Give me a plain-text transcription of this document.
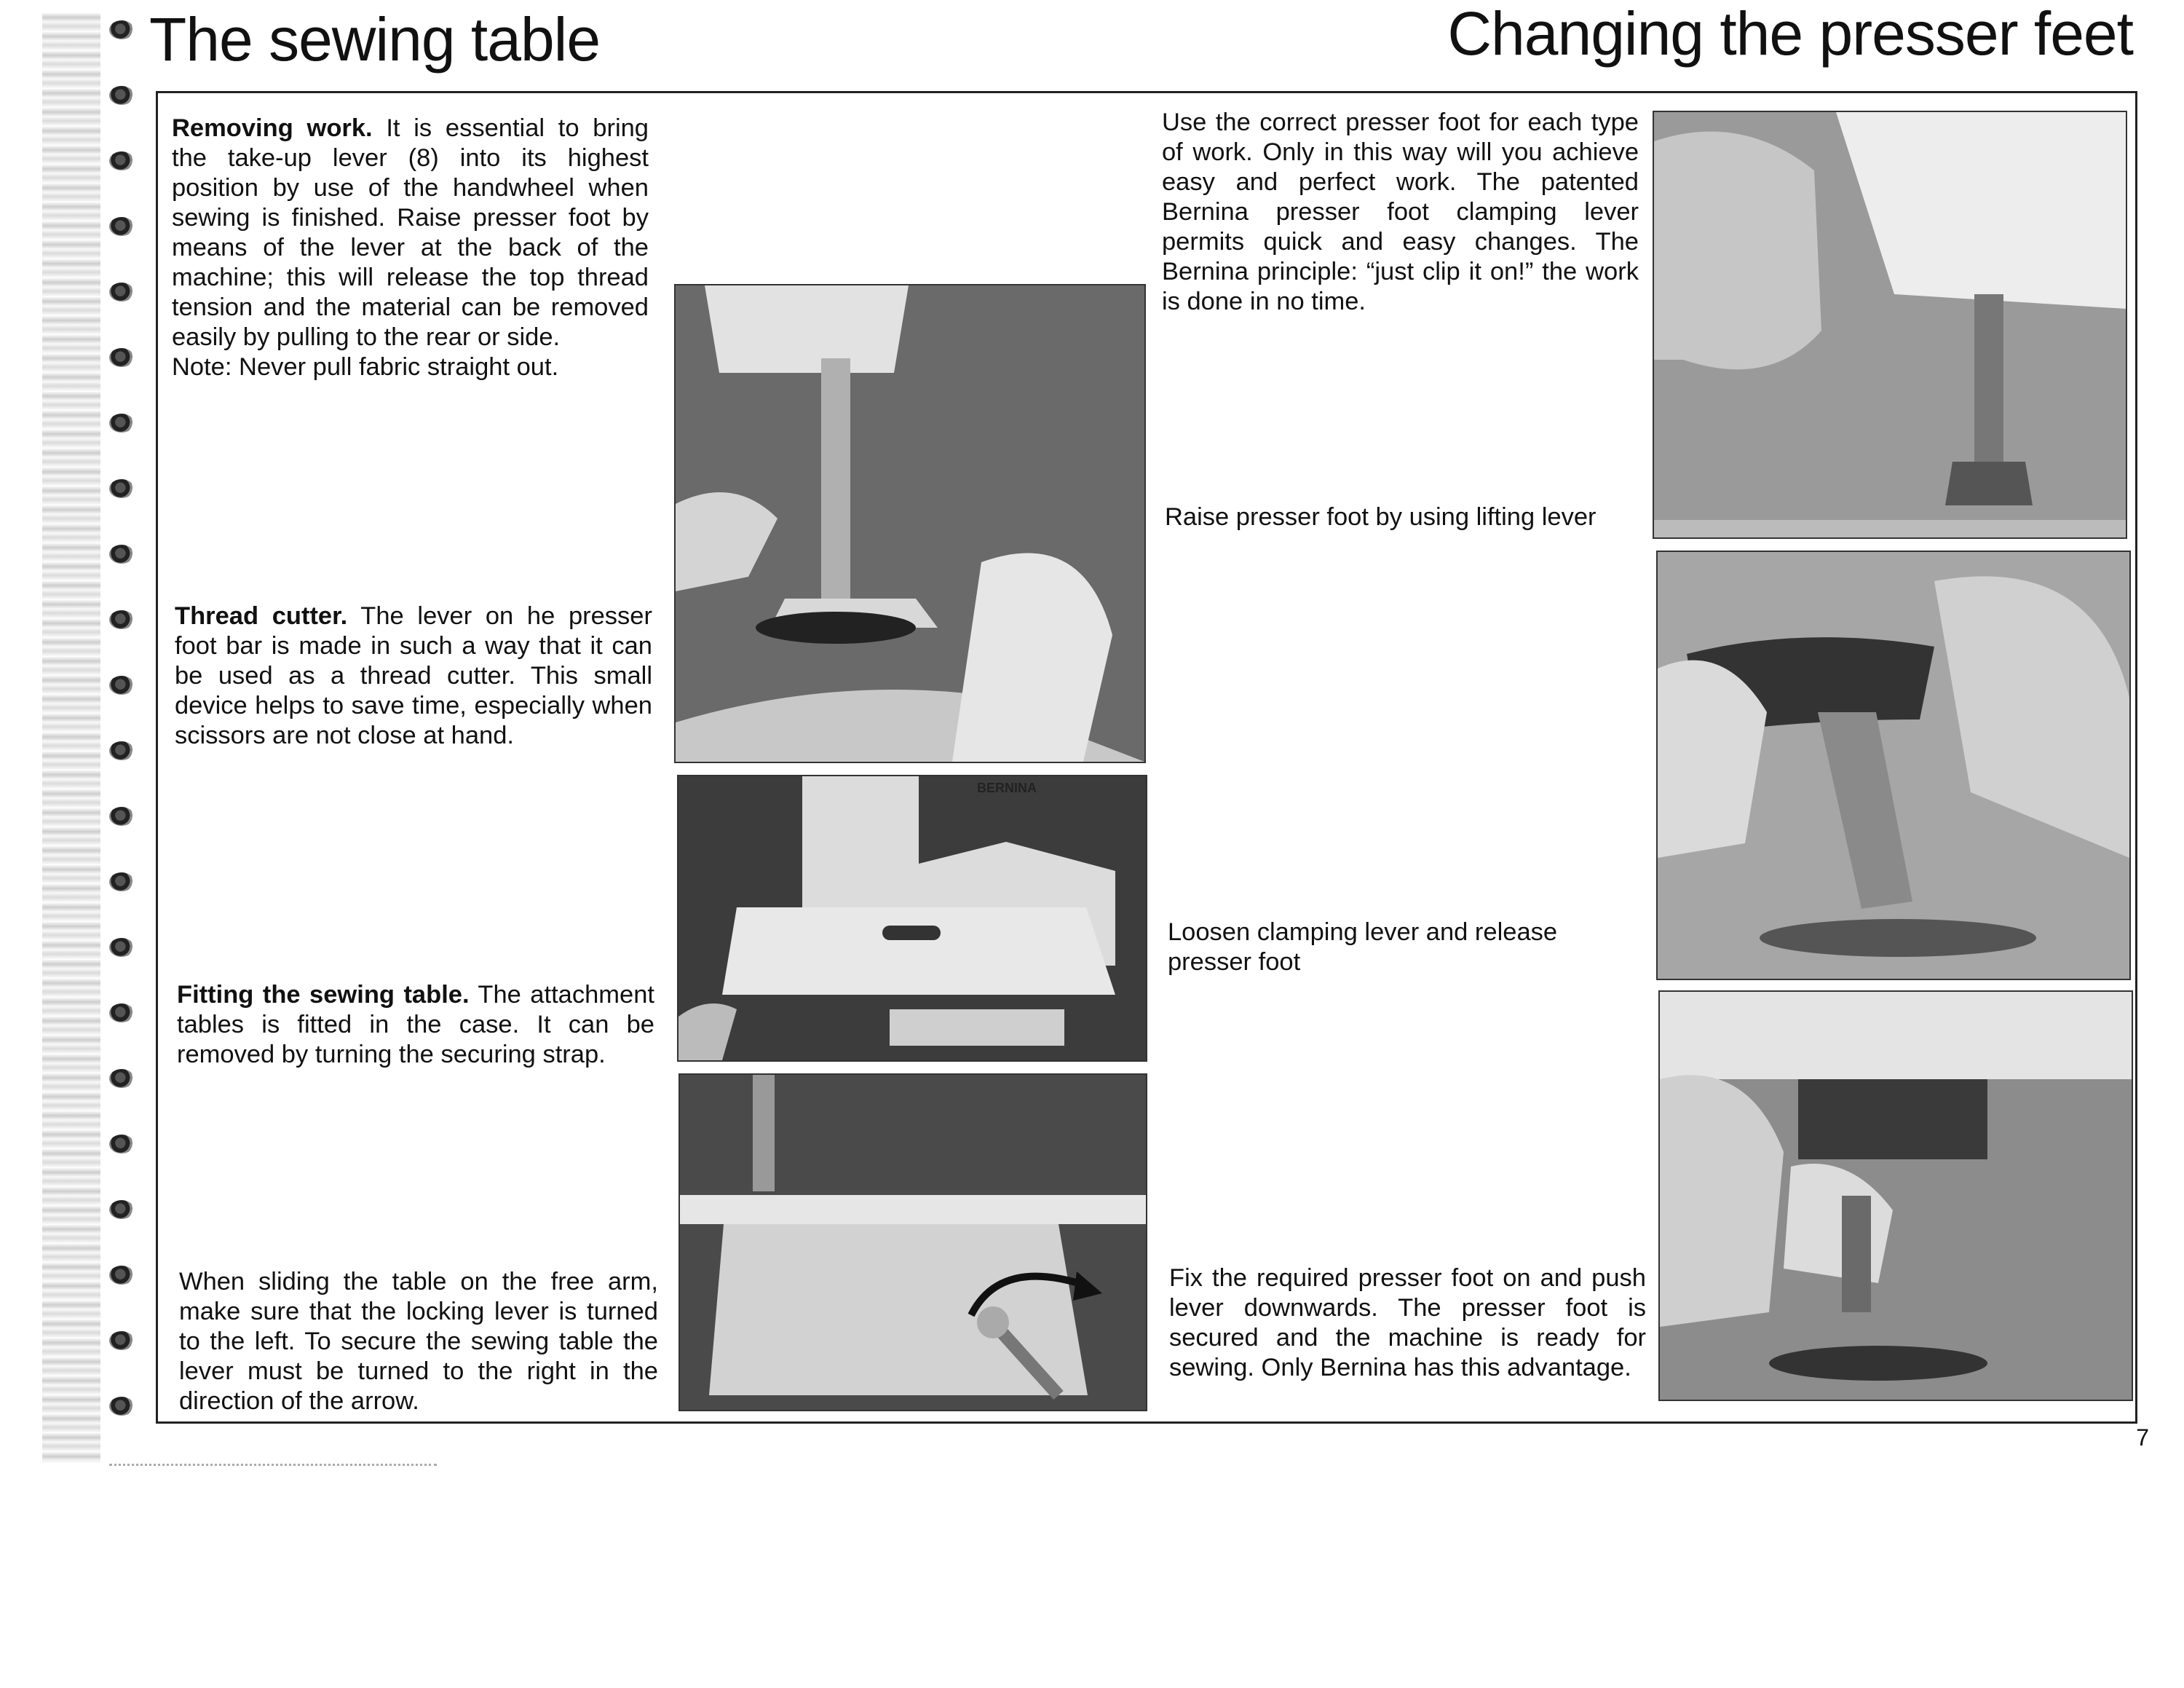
The sewing table	Changing the presser feet
Removing work. It is essential to bring the take-up lever (8) into its highest position by use of the handwheel when sewing is finished. Raise presser foot by means of the lever at the back of the machine; this will release the top thread tension and the material can be removed easily by pulling to the rear or side.
Note: Never pull fabric straight out.
Thread cutter. The lever on he presser foot bar is made in such a way that it can be used as a thread cutter. This small device helps to save time, especially when scissors are not close at hand.
Fitting the sewing table. The attachment tables is fitted in the case. It can be removed by turning the securing strap.
When sliding the table on the free arm, make sure that the locking lever is turned to the left. To secure the sewing table the lever must be turned to the right in the direction of the arrow.
BERNINA
Use the correct presser foot for each type of work. Only in this way will you achieve easy and perfect work. The patented Bernina presser foot clamping lever permits quick and easy changes. The Bernina principle: “just clip it on!” the work is done in no time.
Raise presser foot by using lifting lever
Loosen clamping lever and release presser foot
Fix the required presser foot on and push lever downwards. The presser foot is secured and the machine is ready for sewing. Only Bernina has this advantage.
7
